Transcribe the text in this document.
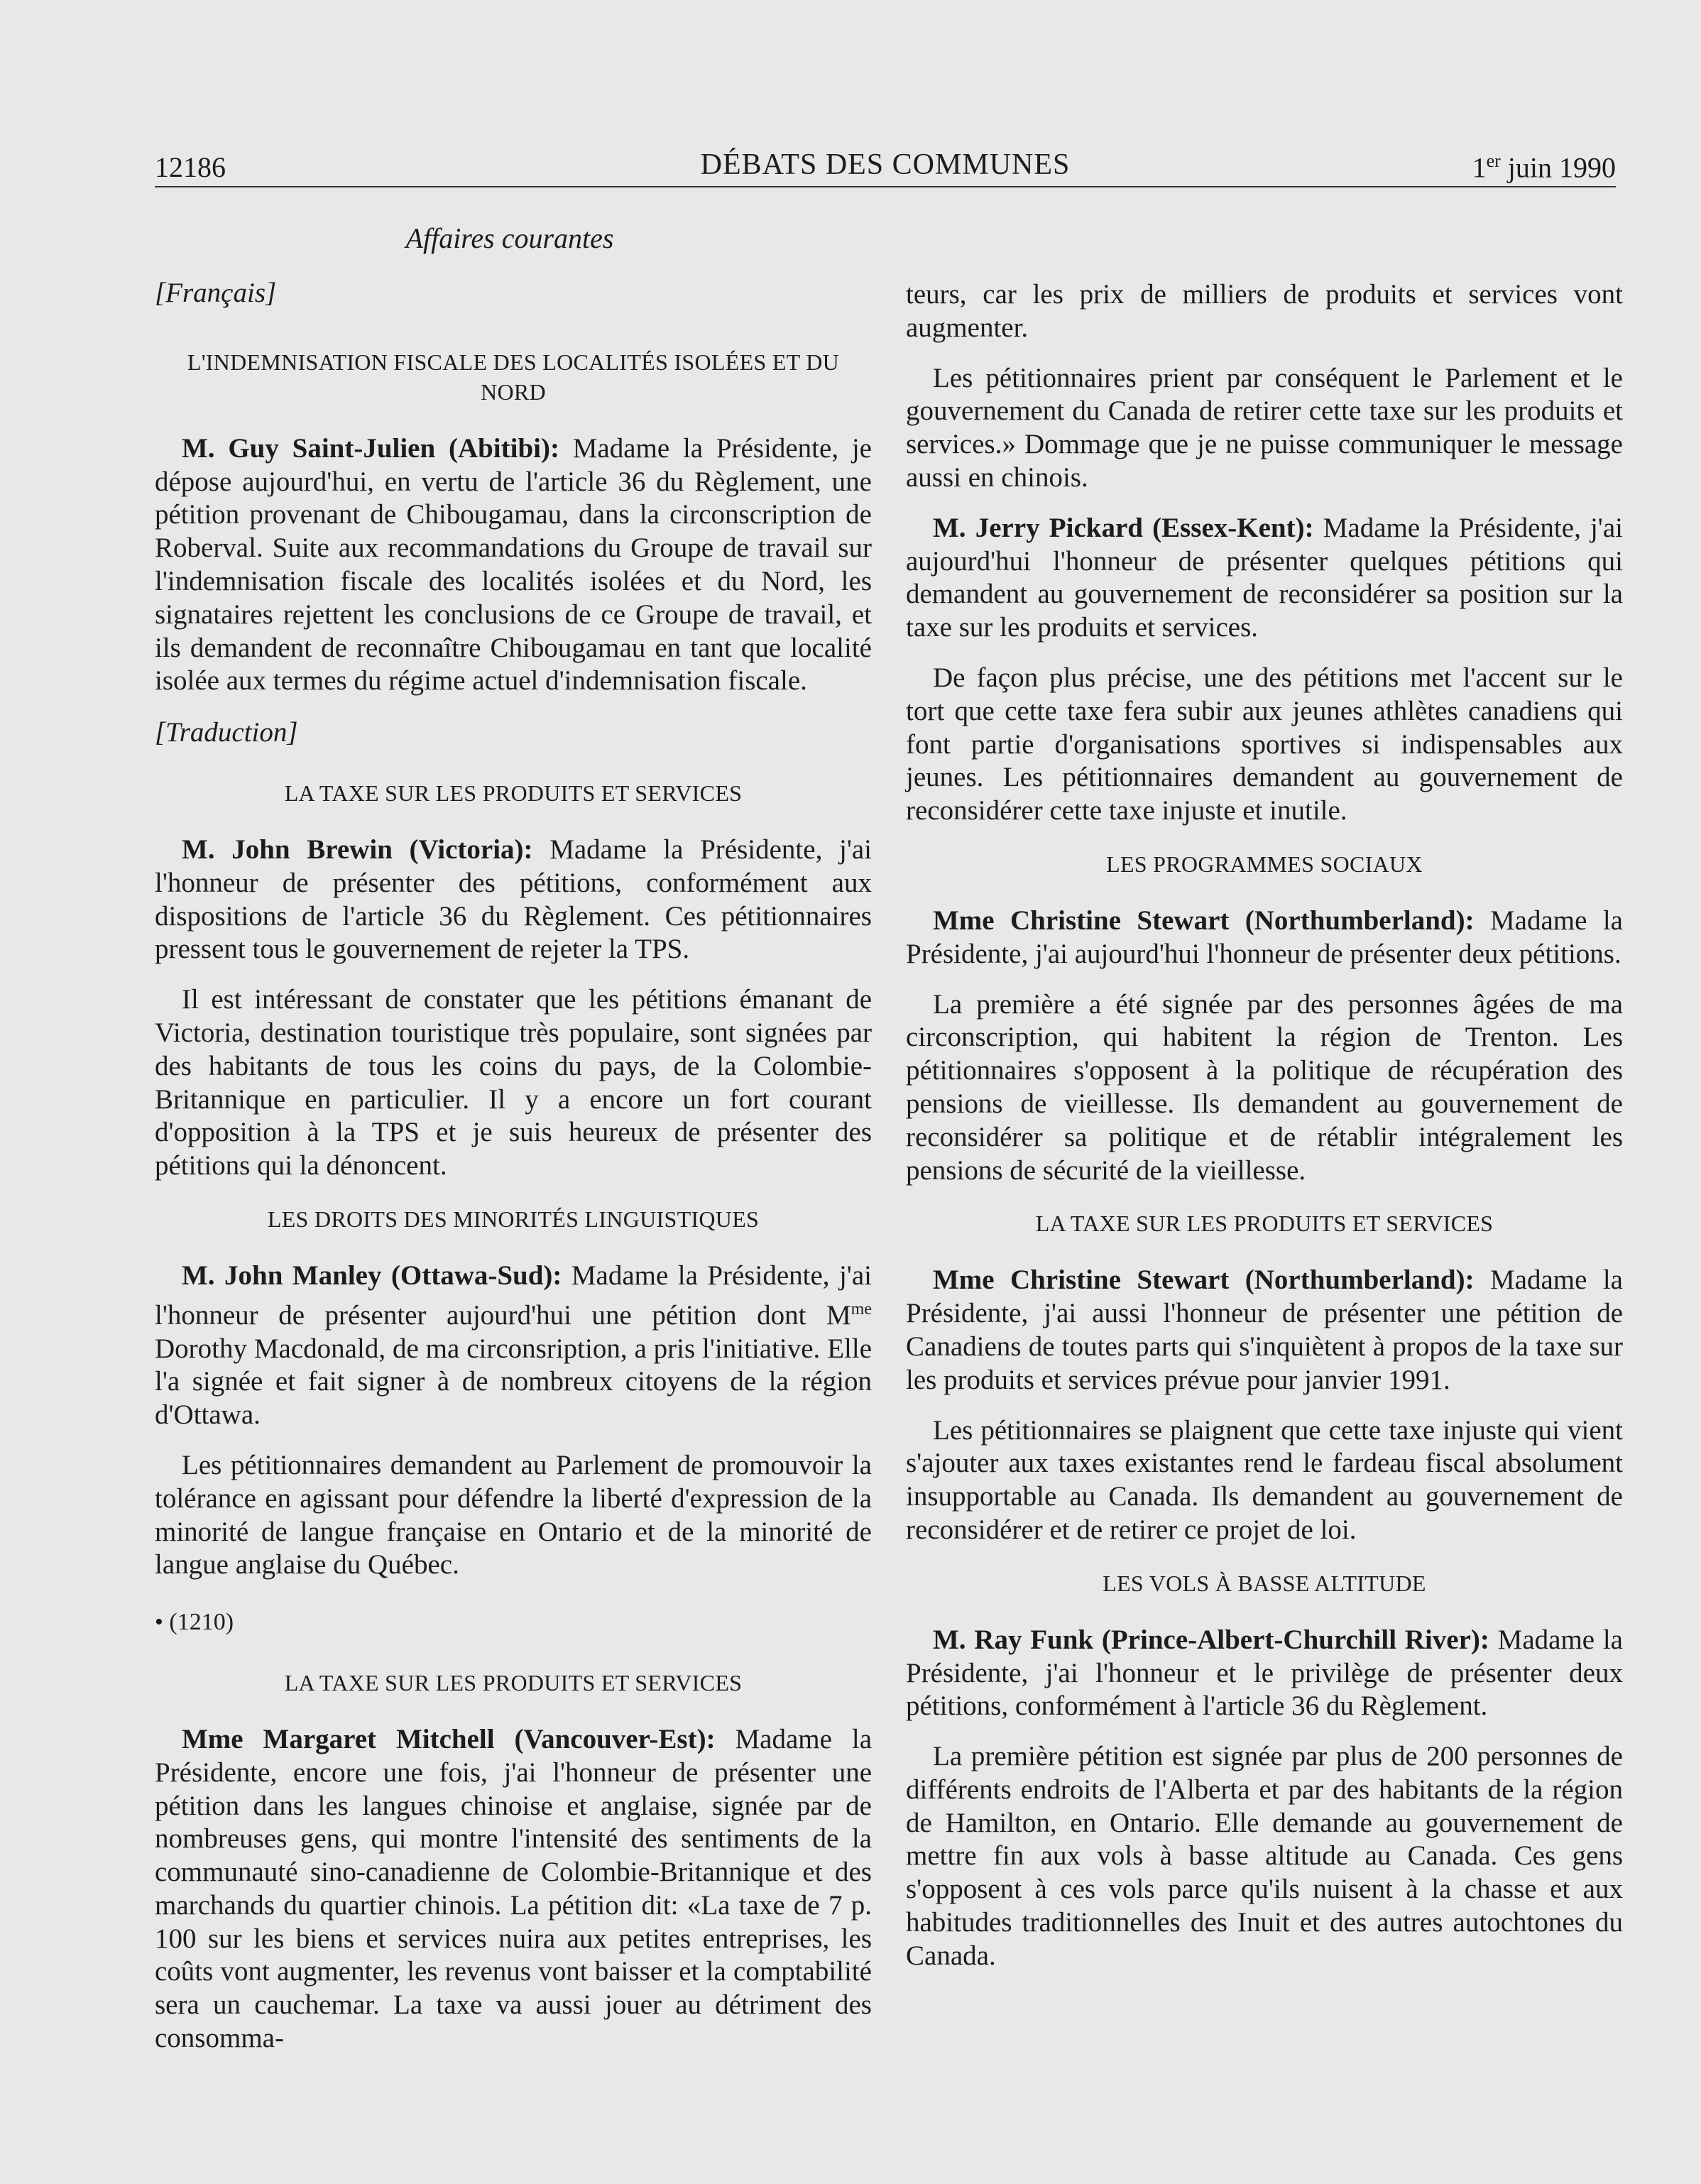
12186	DÉBATS DES COMMUNES	1er juin 1990
Affaires courantes
[Français]
L'INDEMNISATION FISCALE DES LOCALITÉS ISOLÉES ET DU NORD

M. Guy Saint-Julien (Abitibi): Madame la Présidente, je dépose aujourd'hui, en vertu de l'article 36 du Règlement, une pétition provenant de Chibougamau, dans la circonscription de Roberval. Suite aux recommandations du Groupe de travail sur l'indemnisation fiscale des localités isolées et du Nord, les signataires rejettent les conclusions de ce Groupe de travail, et ils demandent de reconnaître Chibougamau en tant que localité isolée aux termes du régime actuel d'indemnisation fiscale.

[Traduction]
LA TAXE SUR LES PRODUITS ET SERVICES

M. John Brewin (Victoria): Madame la Présidente, j'ai l'honneur de présenter des pétitions, conformément aux dispositions de l'article 36 du Règlement. Ces pétitionnaires pressent tous le gouvernement de rejeter la TPS.

Il est intéressant de constater que les pétitions émanant de Victoria, destination touristique très populaire, sont signées par des habitants de tous les coins du pays, de la Colombie-Britannique en particulier. Il y a encore un fort courant d'opposition à la TPS et je suis heureux de présenter des pétitions qui la dénoncent.

LES DROITS DES MINORITÉS LINGUISTIQUES

M. John Manley (Ottawa-Sud): Madame la Présidente, j'ai l'honneur de présenter aujourd'hui une pétition dont $M^{me}$ Dorothy Macdonald, de ma circonsription, a pris l'initiative. Elle l'a signée et fait signer à de nombreux citoyens de la région d'Ottawa.

Les pétitionnaires demandent au Parlement de promouvoir la tolérance en agissant pour défendre la liberté d'expression de la minorité de langue française en Ontario et de la minorité de langue anglaise du Québec.

• (1210)
LA TAXE SUR LES PRODUITS ET SERVICES

Mme Margaret Mitchell (Vancouver-Est): Madame la Présidente, encore une fois, j'ai l'honneur de présenter une pétition dans les langues chinoise et anglaise, signée par de nombreuses gens, qui montre l'intensité des sentiments de la communauté sino-canadienne de Colombie-Britannique et des marchands du quartier chinois. La pétition dit: «La taxe de 7 p. 100 sur les biens et services nuira aux petites entreprises, les coûts vont augmenter, les revenus vont baisser et la comptabilité sera un cauchemar. La taxe va aussi jouer au détriment des consomma-

teurs, car les prix de milliers de produits et services vont augmenter.

Les pétitionnaires prient par conséquent le Parlement et le gouvernement du Canada de retirer cette taxe sur les produits et services.» Dommage que je ne puisse communiquer le message aussi en chinois.

M. Jerry Pickard (Essex-Kent): Madame la Présidente, j'ai aujourd'hui l'honneur de présenter quelques pétitions qui demandent au gouvernement de reconsidérer sa position sur la taxe sur les produits et services.

De façon plus précise, une des pétitions met l'accent sur le tort que cette taxe fera subir aux jeunes athlètes canadiens qui font partie d'organisations sportives si indispensables aux jeunes. Les pétitionnaires demandent au gouvernement de reconsidérer cette taxe injuste et inutile.

LES PROGRAMMES SOCIAUX

Mme Christine Stewart (Northumberland): Madame la Présidente, j'ai aujourd'hui l'honneur de présenter deux pétitions.

La première a été signée par des personnes âgées de ma circonscription, qui habitent la région de Trenton. Les pétitionnaires s'opposent à la politique de récupération des pensions de vieillesse. Ils demandent au gouvernement de reconsidérer sa politique et de rétablir intégralement les pensions de sécurité de la vieillesse.

LA TAXE SUR LES PRODUITS ET SERVICES

Mme Christine Stewart (Northumberland): Madame la Présidente, j'ai aussi l'honneur de présenter une pétition de Canadiens de toutes parts qui s'inquiètent à propos de la taxe sur les produits et services prévue pour janvier 1991.

Les pétitionnaires se plaignent que cette taxe injuste qui vient s'ajouter aux taxes existantes rend le fardeau fiscal absolument insupportable au Canada. Ils demandent au gouvernement de reconsidérer et de retirer ce projet de loi.

LES VOLS À BASSE ALTITUDE

M. Ray Funk (Prince-Albert-Churchill River): Madame la Présidente, j'ai l'honneur et le privilège de présenter deux pétitions, conformément à l'article 36 du Règlement.

La première pétition est signée par plus de 200 personnes de différents endroits de l'Alberta et par des habitants de la région de Hamilton, en Ontario. Elle demande au gouvernement de mettre fin aux vols à basse altitude au Canada. Ces gens s'opposent à ces vols parce qu'ils nuisent à la chasse et aux habitudes traditionnelles des Inuit et des autres autochtones du Canada.
